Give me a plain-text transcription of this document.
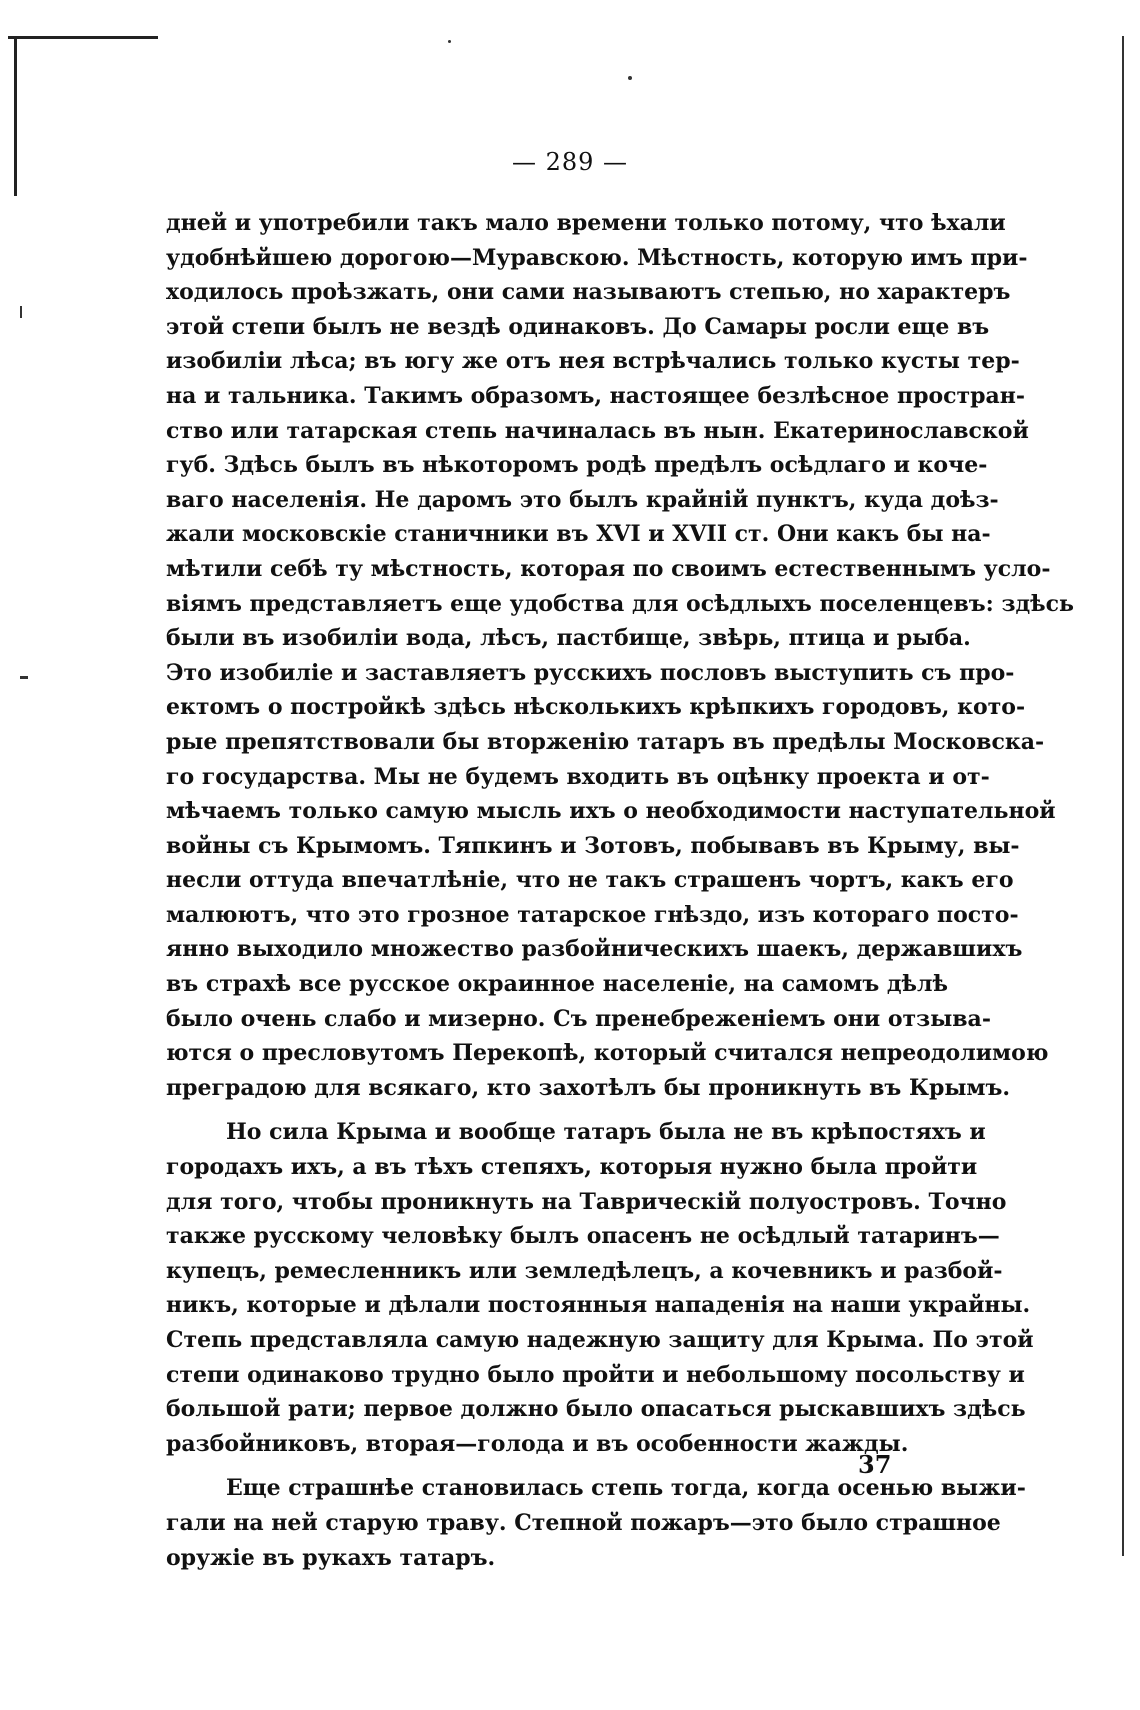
— 289 —
дней и употребили такъ мало времени только потому, что ѣхали
удобнѣйшею дорогою—Муравскою. Мѣстность, которую имъ при-
ходилось проѣзжать, они сами называютъ степью, но характеръ
этой степи былъ не вездѣ одинаковъ. До Самары росли еще въ
изобиліи лѣса; въ югу же отъ нея встрѣчались только кусты тер-
на и тальника. Такимъ образомъ, настоящее безлѣсное простран-
ство или татарская степь начиналась въ нын. Екатеринославской
губ. Здѣсь былъ въ нѣкоторомъ родѣ предѣлъ осѣдлаго и коче-
ваго населенія. Не даромъ это былъ крайній пунктъ, куда доѣз-
жали московскіе станичники въ XVI и XVII ст. Они какъ бы на-
мѣтили себѣ ту мѣстность, которая по своимъ естественнымъ усло-
віямъ представляетъ еще удобства для осѣдлыхъ поселенцевъ: здѣсь
были въ изобиліи вода, лѣсъ, пастбище, звѣрь, птица и рыба.
Это изобиліе и заставляетъ русскихъ пословъ выступить съ про-
ектомъ о постройкѣ здѣсь нѣсколькихъ крѣпкихъ городовъ, кото-
рые препятствовали бы вторженію татаръ въ предѣлы Московска-
го государства. Мы не будемъ входить въ оцѣнку проекта и от-
мѣчаемъ только самую мысль ихъ о необходимости наступательной
войны съ Крымомъ. Тяпкинъ и Зотовъ, побывавъ въ Крыму, вы-
несли оттуда впечатлѣніе, что не такъ страшенъ чортъ, какъ его
малюютъ, что это грозное татарское гнѣздо, изъ котораго посто-
янно выходило множество разбойническихъ шаекъ, державшихъ
въ страхѣ все русское окраинное населеніе, на самомъ дѣлѣ
было очень слабо и мизерно. Съ пренебреженіемъ они отзыва-
ются о пресловутомъ Перекопѣ, который считался непреодолимою
преградою для всякаго, кто захотѣлъ бы проникнуть въ Крымъ.
Но сила Крыма и вообще татаръ была не въ крѣпостяхъ и
городахъ ихъ, а въ тѣхъ степяхъ, которыя нужно была пройти
для того, чтобы проникнуть на Таврическій полуостровъ. Точно
также русскому человѣку былъ опасенъ не осѣдлый татаринъ—
купецъ, ремесленникъ или земледѣлецъ, а кочевникъ и разбой-
никъ, которые и дѣлали постоянныя нападенія на наши украйны.
Степь представляла самую надежную защиту для Крыма. По этой
степи одинаково трудно было пройти и небольшому посольству и
большой рати; первое должно было опасаться рыскавшихъ здѣсь
разбойниковъ, вторая—голода и въ особенности жажды.
Еще страшнѣе становилась степь тогда, когда осенью выжи-
гали на ней старую траву. Степной пожаръ—это было страшное
оружіе въ рукахъ татаръ.
37
